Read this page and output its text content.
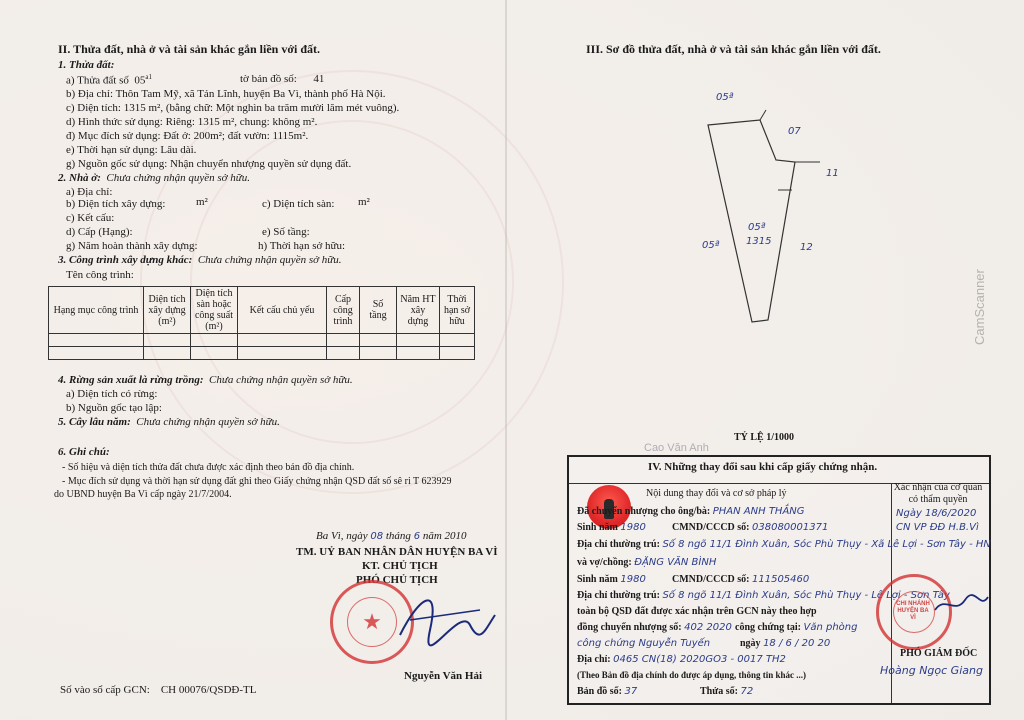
II. Thửa đất, nhà ở và tài sản khác gắn liền với đất.
1. Thửa đất:
a) Thửa đất số $05^{a1}$	tờ bản đồ số: 41
b) Địa chỉ: Thôn Tam Mỹ, xã Tản Lĩnh, huyện Ba Vì, thành phố Hà Nội.
c) Diện tích: 1315 m², (bằng chữ: Một nghìn ba trăm mười lăm mét vuông).
d) Hình thức sử dụng: Riêng: 1315 m², chung: không m².
đ) Mục đích sử dụng: Đất ở: 200m²; đất vườn: 1115m².
e) Thời hạn sử dụng: Lâu dài.
g) Nguồn gốc sử dụng: Nhận chuyển nhượng quyền sử dụng đất.
2. Nhà ở: Chưa chứng nhận quyền sở hữu.
a) Địa chỉ:
b) Diện tích xây dựng:	m²	c) Diện tích sàn: m²
c) Kết cấu:
d) Cấp (Hạng):	e) Số tầng:
g) Năm hoàn thành xây dựng:	h) Thời hạn sở hữu:
3. Công trình xây dựng khác: Chưa chứng nhận quyền sở hữu.
Tên công trình:
Hạng mục công trình	Diện tích xây dựng (m²)	Diện tích sàn hoặc công suất (m²)	Kết cấu chủ yếu	Cấp công trình	Số tầng	Năm HT xây dựng	Thời hạn sở hữu

4. Rừng sản xuất là rừng trồng: Chưa chứng nhận quyền sở hữu.
a) Diện tích có rừng:
b) Nguồn gốc tạo lập:
5. Cây lâu năm: Chưa chứng nhận quyền sở hữu.
6. Ghi chú:
- Số hiệu và diện tích thửa đất chưa được xác định theo bản đồ địa chính.
- Mục đích sử dụng và thời hạn sử dụng đất ghi theo Giấy chứng nhận QSD đất số sê ri T 623929
do UBND huyện Ba Vì cấp ngày 21/7/2004.
Ba Vì, ngày 08 tháng 6 năm 2010
TM. UỶ BAN NHÂN DÂN HUYỆN BA VÌ
KT. CHỦ TỊCH
PHÓ CHỦ TỊCH
★
Nguyễn Văn Hải
Số vào sổ cấp GCN: CH 00076/QSDĐ-TL
III. Sơ đồ thửa đất, nhà ở và tài sản khác gắn liền với đất.
05ª
07
11
12
05ª
05ª
1315
TỶ LỆ 1/1000
Cao Văn Anh
CamScanner
IV. Những thay đổi sau khi cấp giấy chứng nhận.
Nội dung thay đổi và cơ sở pháp lý
Xác nhận của cơ quan có thẩm quyền
Đã chuyển nhượng cho ông/bà: PHAN ANH THẮNG
Sinh năm 1980	CMND/CCCD số: 038080001371
Địa chỉ thường trú: Số 8 ngõ 11/1 Đình Xuân, Sóc Phù Thụy - Xã Lê Lợi - Sơn Tây - HN
và vợ/chồng: ĐẶNG VĂN BÌNH
Sinh năm 1980	CMND/CCCD số: 111505460
Địa chỉ thường trú: Số 8 ngõ 11/1 Đình Xuân, Sóc Phù Thụy - Lê Lợi - Sơn Tây
toàn bộ QSD đất được xác nhận trên GCN này theo hợp
đồng chuyển nhượng số: 402 2020 công chứng tại: Văn phòng
công chứng Nguyễn Tuyến	ngày 18 / 6 / 20 20
Địa chỉ: 0465 CN(18) 2020GO3 - 0017 TH2
(Theo Bản đồ địa chính do được áp dụng, thông tin khác ...)
Bản đồ số: 37	Thửa số: 72
Ngày 18/6/2020
CN VP ĐĐ H.B.Vì
CHI NHÁNH HUYỆN BA VÌ
PHÓ GIÁM ĐỐC
Hoàng Ngọc Giang
